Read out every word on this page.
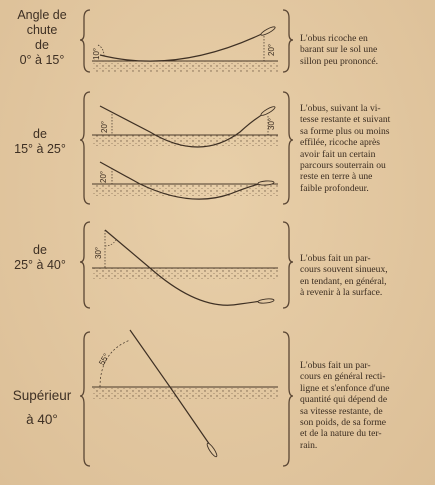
Angle de chute
de
0° à 15°
de
15° à 25°
de
25° à 40°
Supérieur
à 40°
10°	20°
20°	30°
20°
30°
55°
L'obus ricoche en
barant sur le sol une
sillon peu prononcé.
L'obus, suivant la vi-
tesse restante et suivant
sa forme plus ou moins
effilée, ricoche après
avoir fait un certain
parcours souterrain ou
reste en terre à une
faible profondeur.
L'obus fait un par-
cours souvent sinueux,
en tendant, en général,
à revenir à la surface.
L'obus fait un par-
cours en général recti-
ligne et s'enfonce d'une
quantité qui dépend de
sa vitesse restante, de
son poids, de sa forme
et de la nature du ter-
rain.
